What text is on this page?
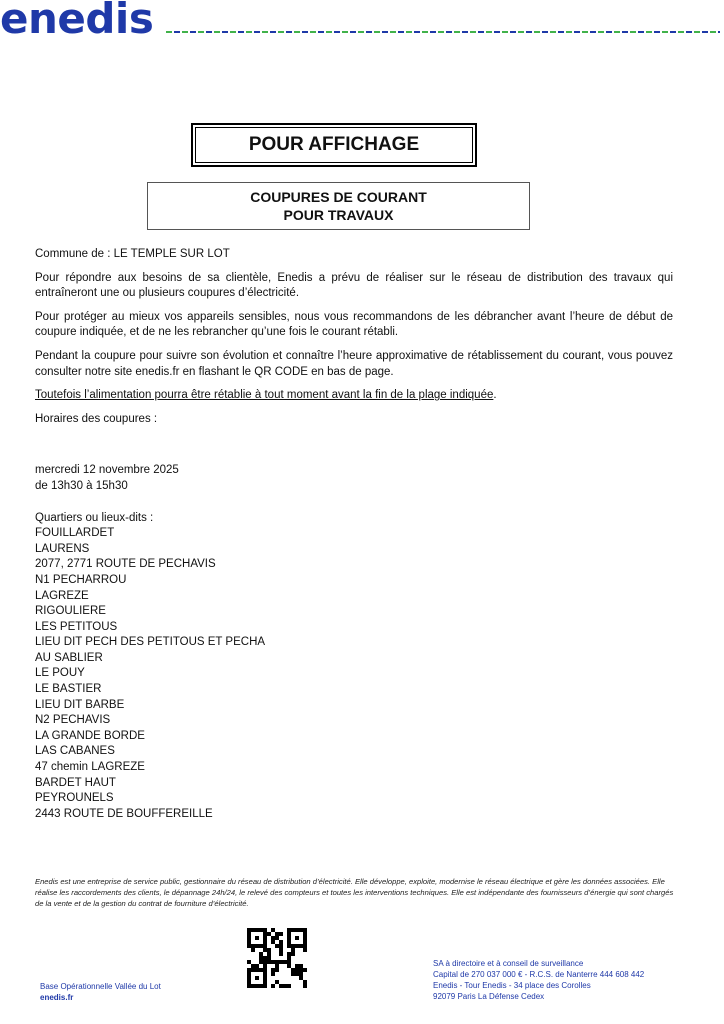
enedis
POUR AFFICHAGE
COUPURES DE COURANT
POUR TRAVAUX

Commune de : LE TEMPLE SUR LOT

Pour répondre aux besoins de sa clientèle, Enedis a prévu de réaliser sur le réseau de distribution des travaux qui entraîneront une ou plusieurs coupures d’électricité.

Pour protéger au mieux vos appareils sensibles, nous vous recommandons de les débrancher avant l’heure de début de coupure indiquée, et de ne les rebrancher qu’une fois le courant rétabli.

Pendant la coupure pour suivre son évolution et connaître l’heure approximative de rétablissement du courant, vous pouvez consulter notre site enedis.fr en flashant le QR CODE en bas de page.

Toutefois l’alimentation pourra être rétablie à tout moment avant la fin de la plage indiquée.

Horaires des coupures :

mercredi 12 novembre 2025
de 13h30 à 15h30
Quartiers ou lieux-dits :
FOUILLARDET
LAURENS
2077, 2771 ROUTE DE PECHAVIS
N1 PECHARROU
LAGREZE
RIGOULIERE
LES PETITOUS
LIEU DIT PECH DES PETITOUS ET PECHA
AU SABLIER
LE POUY
LE BASTIER
LIEU DIT BARBE
N2 PECHAVIS
LA GRANDE BORDE
LAS CABANES
47 chemin LAGREZE
BARDET HAUT
PEYROUNELS
2443 ROUTE DE BOUFFEREILLE
Enedis est une entreprise de service public, gestionnaire du réseau de distribution d’électricité. Elle développe, exploite, modernise le réseau électrique et gère les données associées. Elle réalise les raccordements des clients, le dépannage 24h/24, le relevé des compteurs et toutes les interventions techniques. Elle est indépendante des fournisseurs d’énergie qui sont chargés de la vente et de la gestion du contrat de fourniture d’électricité.
Base Opérationnelle Vallée du Lot
enedis.fr
SA à directoire et à conseil de surveillance
Capital de 270 037 000 € - R.C.S. de Nanterre 444 608 442
Enedis - Tour Enedis - 34 place des Corolles
92079 Paris La Défense Cedex
